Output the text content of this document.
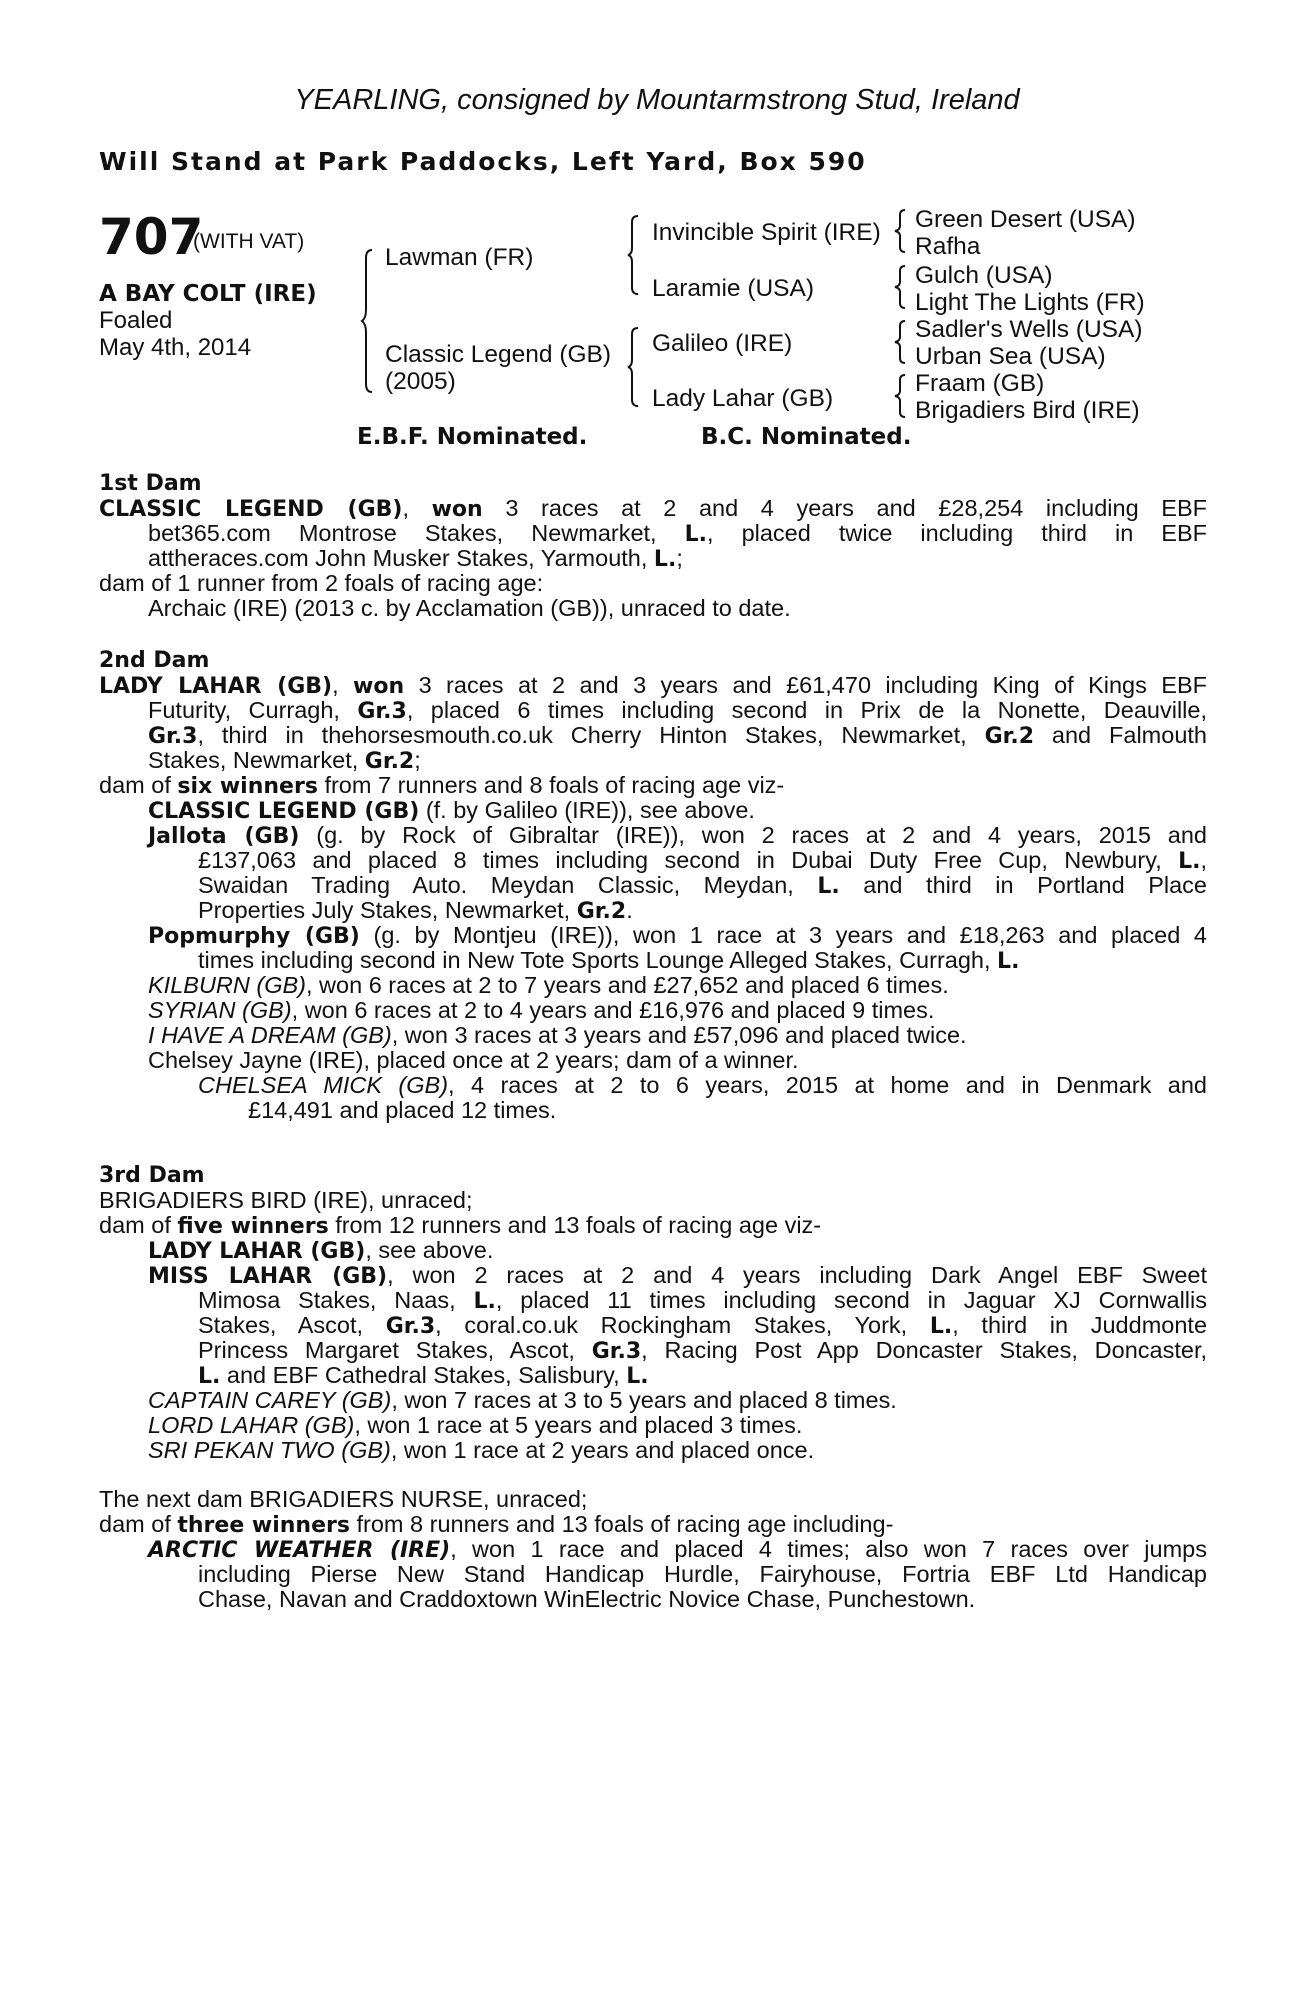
YEARLING, consigned by Mountarmstrong Stud, Ireland
Will Stand at Park Paddocks, Left Yard, Box 590
707
(WITH VAT)
A BAY COLT (IRE)
Foaled
May 4th, 2014
Lawman (FR)
Classic Legend (GB)
(2005)
Invincible Spirit (IRE)
Laramie (USA)
Galileo (IRE)
Lady Lahar (GB)
Green Desert (USA)
Rafha
Gulch (USA)
Light The Lights (FR)
Sadler's Wells (USA)
Urban Sea (USA)
Fraam (GB)
Brigadiers Bird (IRE)
E.B.F. Nominated.	B.C. Nominated.
1st Dam
CLASSIC LEGEND (GB), won 3 races at 2 and 4 years and £28,254 including EBF
bet365.com Montrose Stakes, Newmarket, L., placed twice including third in EBF
attheraces.com John Musker Stakes, Yarmouth, L.;
dam of 1 runner from 2 foals of racing age:
Archaic (IRE) (2013 c. by Acclamation (GB)), unraced to date.
2nd Dam
LADY LAHAR (GB), won 3 races at 2 and 3 years and £61,470 including King of Kings EBF
Futurity, Curragh, Gr.3, placed 6 times including second in Prix de la Nonette, Deauville,
Gr.3, third in thehorsesmouth.co.uk Cherry Hinton Stakes, Newmarket, Gr.2 and Falmouth
Stakes, Newmarket, Gr.2;
dam of six winners from 7 runners and 8 foals of racing age viz-
CLASSIC LEGEND (GB) (f. by Galileo (IRE)), see above.
Jallota (GB) (g. by Rock of Gibraltar (IRE)), won 2 races at 2 and 4 years, 2015 and
£137,063 and placed 8 times including second in Dubai Duty Free Cup, Newbury, L.,
Swaidan Trading Auto. Meydan Classic, Meydan, L. and third in Portland Place
Properties July Stakes, Newmarket, Gr.2.
Popmurphy (GB) (g. by Montjeu (IRE)), won 1 race at 3 years and £18,263 and placed 4
times including second in New Tote Sports Lounge Alleged Stakes, Curragh, L.
KILBURN (GB), won 6 races at 2 to 7 years and £27,652 and placed 6 times.
SYRIAN (GB), won 6 races at 2 to 4 years and £16,976 and placed 9 times.
I HAVE A DREAM (GB), won 3 races at 3 years and £57,096 and placed twice.
Chelsey Jayne (IRE), placed once at 2 years; dam of a winner.
CHELSEA MICK (GB), 4 races at 2 to 6 years, 2015 at home and in Denmark and
£14,491 and placed 12 times.
3rd Dam
BRIGADIERS BIRD (IRE), unraced;
dam of five winners from 12 runners and 13 foals of racing age viz-
LADY LAHAR (GB), see above.
MISS LAHAR (GB), won 2 races at 2 and 4 years including Dark Angel EBF Sweet
Mimosa Stakes, Naas, L., placed 11 times including second in Jaguar XJ Cornwallis
Stakes, Ascot, Gr.3, coral.co.uk Rockingham Stakes, York, L., third in Juddmonte
Princess Margaret Stakes, Ascot, Gr.3, Racing Post App Doncaster Stakes, Doncaster,
L. and EBF Cathedral Stakes, Salisbury, L.
CAPTAIN CAREY (GB), won 7 races at 3 to 5 years and placed 8 times.
LORD LAHAR (GB), won 1 race at 5 years and placed 3 times.
SRI PEKAN TWO (GB), won 1 race at 2 years and placed once.
The next dam BRIGADIERS NURSE, unraced;
dam of three winners from 8 runners and 13 foals of racing age including-
ARCTIC WEATHER (IRE), won 1 race and placed 4 times; also won 7 races over jumps
including Pierse New Stand Handicap Hurdle, Fairyhouse, Fortria EBF Ltd Handicap
Chase, Navan and Craddoxtown WinElectric Novice Chase, Punchestown.
